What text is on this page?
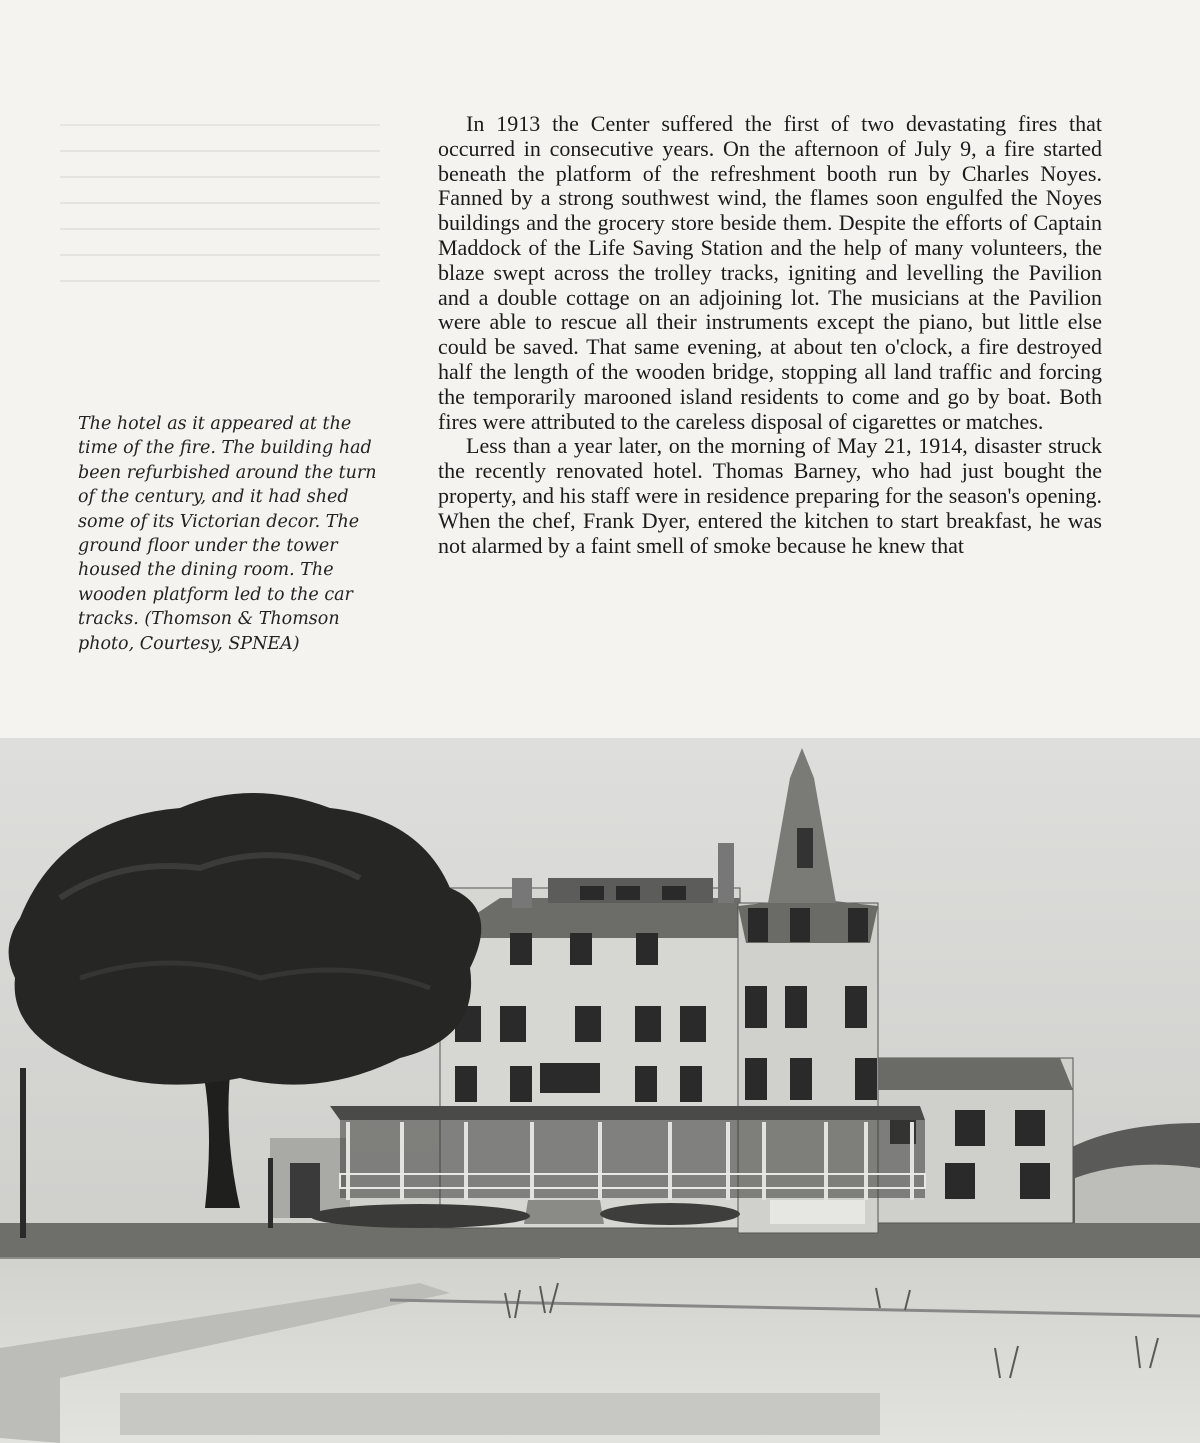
The hotel as it appeared at the time of the fire. The building had been refurbished around the turn of the century, and it had shed some of its Victorian decor. The ground floor under the tower housed the dining room. The wooden platform led to the car tracks. (Thomson & Thomson photo, Courtesy, SPNEA)

In 1913 the Center suffered the first of two devastating fires that occurred in consecutive years. On the afternoon of July 9, a fire started beneath the platform of the refreshment booth run by Charles Noyes. Fanned by a strong southwest wind, the flames soon engulfed the Noyes buildings and the grocery store beside them. Despite the efforts of Captain Maddock of the Life Saving Station and the help of many volunteers, the blaze swept across the trolley tracks, igniting and levelling the Pavilion and a double cottage on an adjoining lot. The musicians at the Pavilion were able to rescue all their instruments except the piano, but little else could be saved. That same evening, at about ten o'clock, a fire destroyed half the length of the wooden bridge, stopping all land traffic and forcing the temporarily marooned island residents to come and go by boat. Both fires were attributed to the careless disposal of cigarettes or matches.

Less than a year later, on the morning of May 21, 1914, disaster struck the recently renovated hotel. Thomas Barney, who had just bought the property, and his staff were in residence preparing for the season's opening. When the chef, Frank Dyer, entered the kitchen to start breakfast, he was not alarmed by a faint smell of smoke because he knew that
